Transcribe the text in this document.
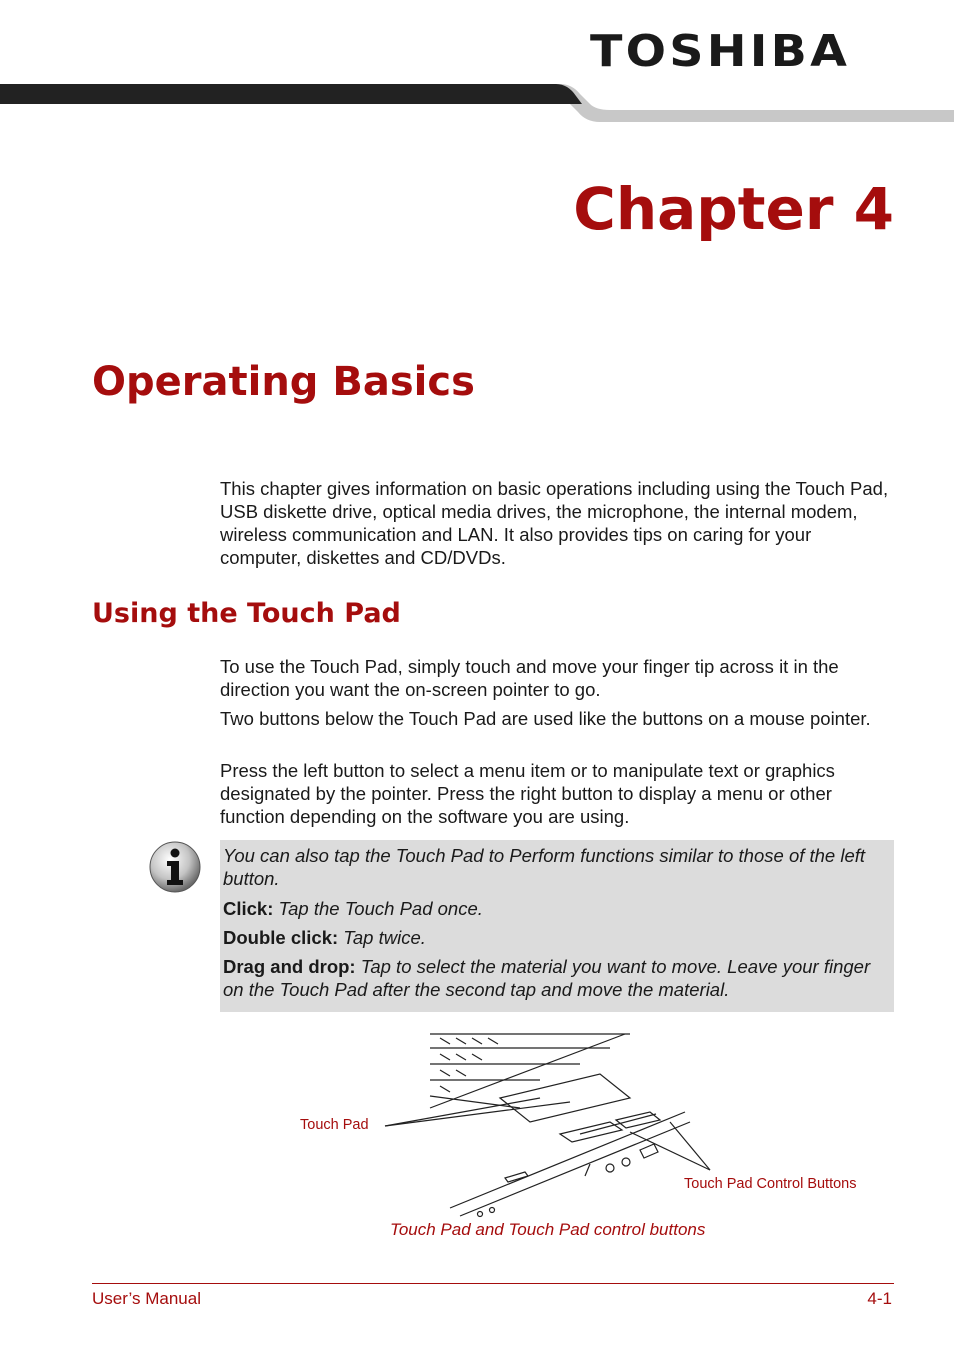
TOSHIBA
Chapter 4
Operating Basics
This chapter gives information on basic operations including using the Touch Pad, USB diskette drive, optical media drives, the microphone, the internal modem, wireless communication and LAN. It also provides tips on caring for your computer, diskettes and CD/DVDs.
Using the Touch Pad
To use the Touch Pad, simply touch and move your finger tip across it in the direction you want the on-screen pointer to go.
Two buttons below the Touch Pad are used like the buttons on a mouse pointer.
Press the left button to select a menu item or to manipulate text or graphics designated by the pointer. Press the right button to display a menu or other function depending on the software you are using.
You can also tap the Touch Pad to Perform functions similar to those of the left button.
Click: Tap the Touch Pad once.
Double click: Tap twice.
Drag and drop: Tap to select the material you want to move. Leave your finger on the Touch Pad after the second tap and move the material.
Touch Pad
Touch Pad Control Buttons
Touch Pad and Touch Pad control buttons
User’s Manual	4-1
